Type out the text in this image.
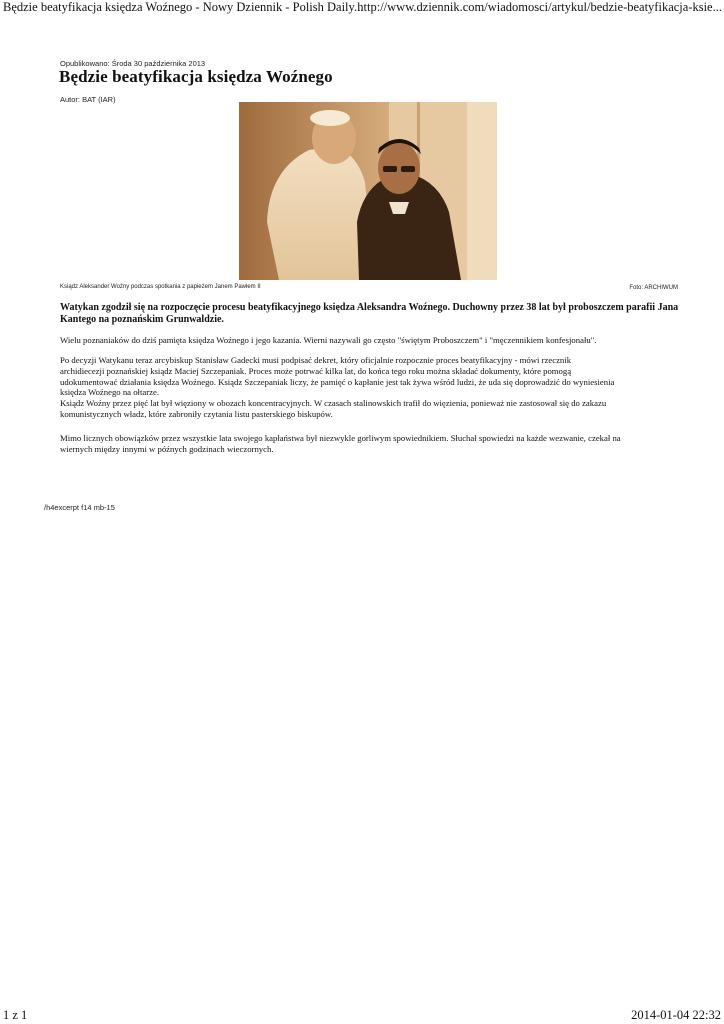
Będzie beatyfikacja księdza Woźnego - Nowy Dziennik - Polish Daily...
http://www.dziennik.com/wiadomosci/artykul/bedzie-beatyfikacja-ksie...
Opublikowano: Środa 30 października 2013
Będzie beatyfikacja księdza Woźnego
Autor: BAT (IAR)
Ksiądz Aleksander Woźny podczas spotkania z papieżem Janem Pawłem II	Foto: ARCHIWUM

Watykan zgodził się na rozpoczęcie procesu beatyfikacyjnego księdza Aleksandra Woźnego. Duchowny przez 38 lat był proboszczem parafii Jana Kantego na poznańskim Grunwaldzie.

Wielu poznaniaków do dziś pamięta księdza Woźnego i jego kazania. Wierni nazywali go często "świętym Proboszczem" i "męczennikiem konfesjonału".
Po decyzji Watykanu teraz arcybiskup Stanisław Gadecki musi podpisać dekret, który oficjalnie rozpocznie proces beatyfikacyjny - mówi rzecznik
archidiecezji poznańskiej ksiądz Maciej Szczepaniak. Proces może potrwać kilka lat, do końca tego roku można składać dokumenty, które pomogą
udokumentować działania księdza Woźnego. Ksiądz Szczepaniak liczy, że pamięć o kapłanie jest tak żywa wśród ludzi, że uda się doprowadzić do wyniesienia
księdza Woźnego na ołtarze.
Ksiądz Woźny przez pięć lat był więziony w obozach koncentracyjnych. W czasach stalinowskich trafił do więzienia, ponieważ nie zastosował się do zakazu
komunistycznych władz, które zabroniły czytania listu pasterskiego biskupów.
Mimo licznych obowiązków przez wszystkie lata swojego kapłaństwa był niezwykle gorliwym spowiednikiem. Słuchał spowiedzi na każde wezwanie, czekał na
wiernych między innymi w późnych godzinach wieczornych.
/h4excerpt f14 mb-15
1 z 1	2014-01-04 22:32
